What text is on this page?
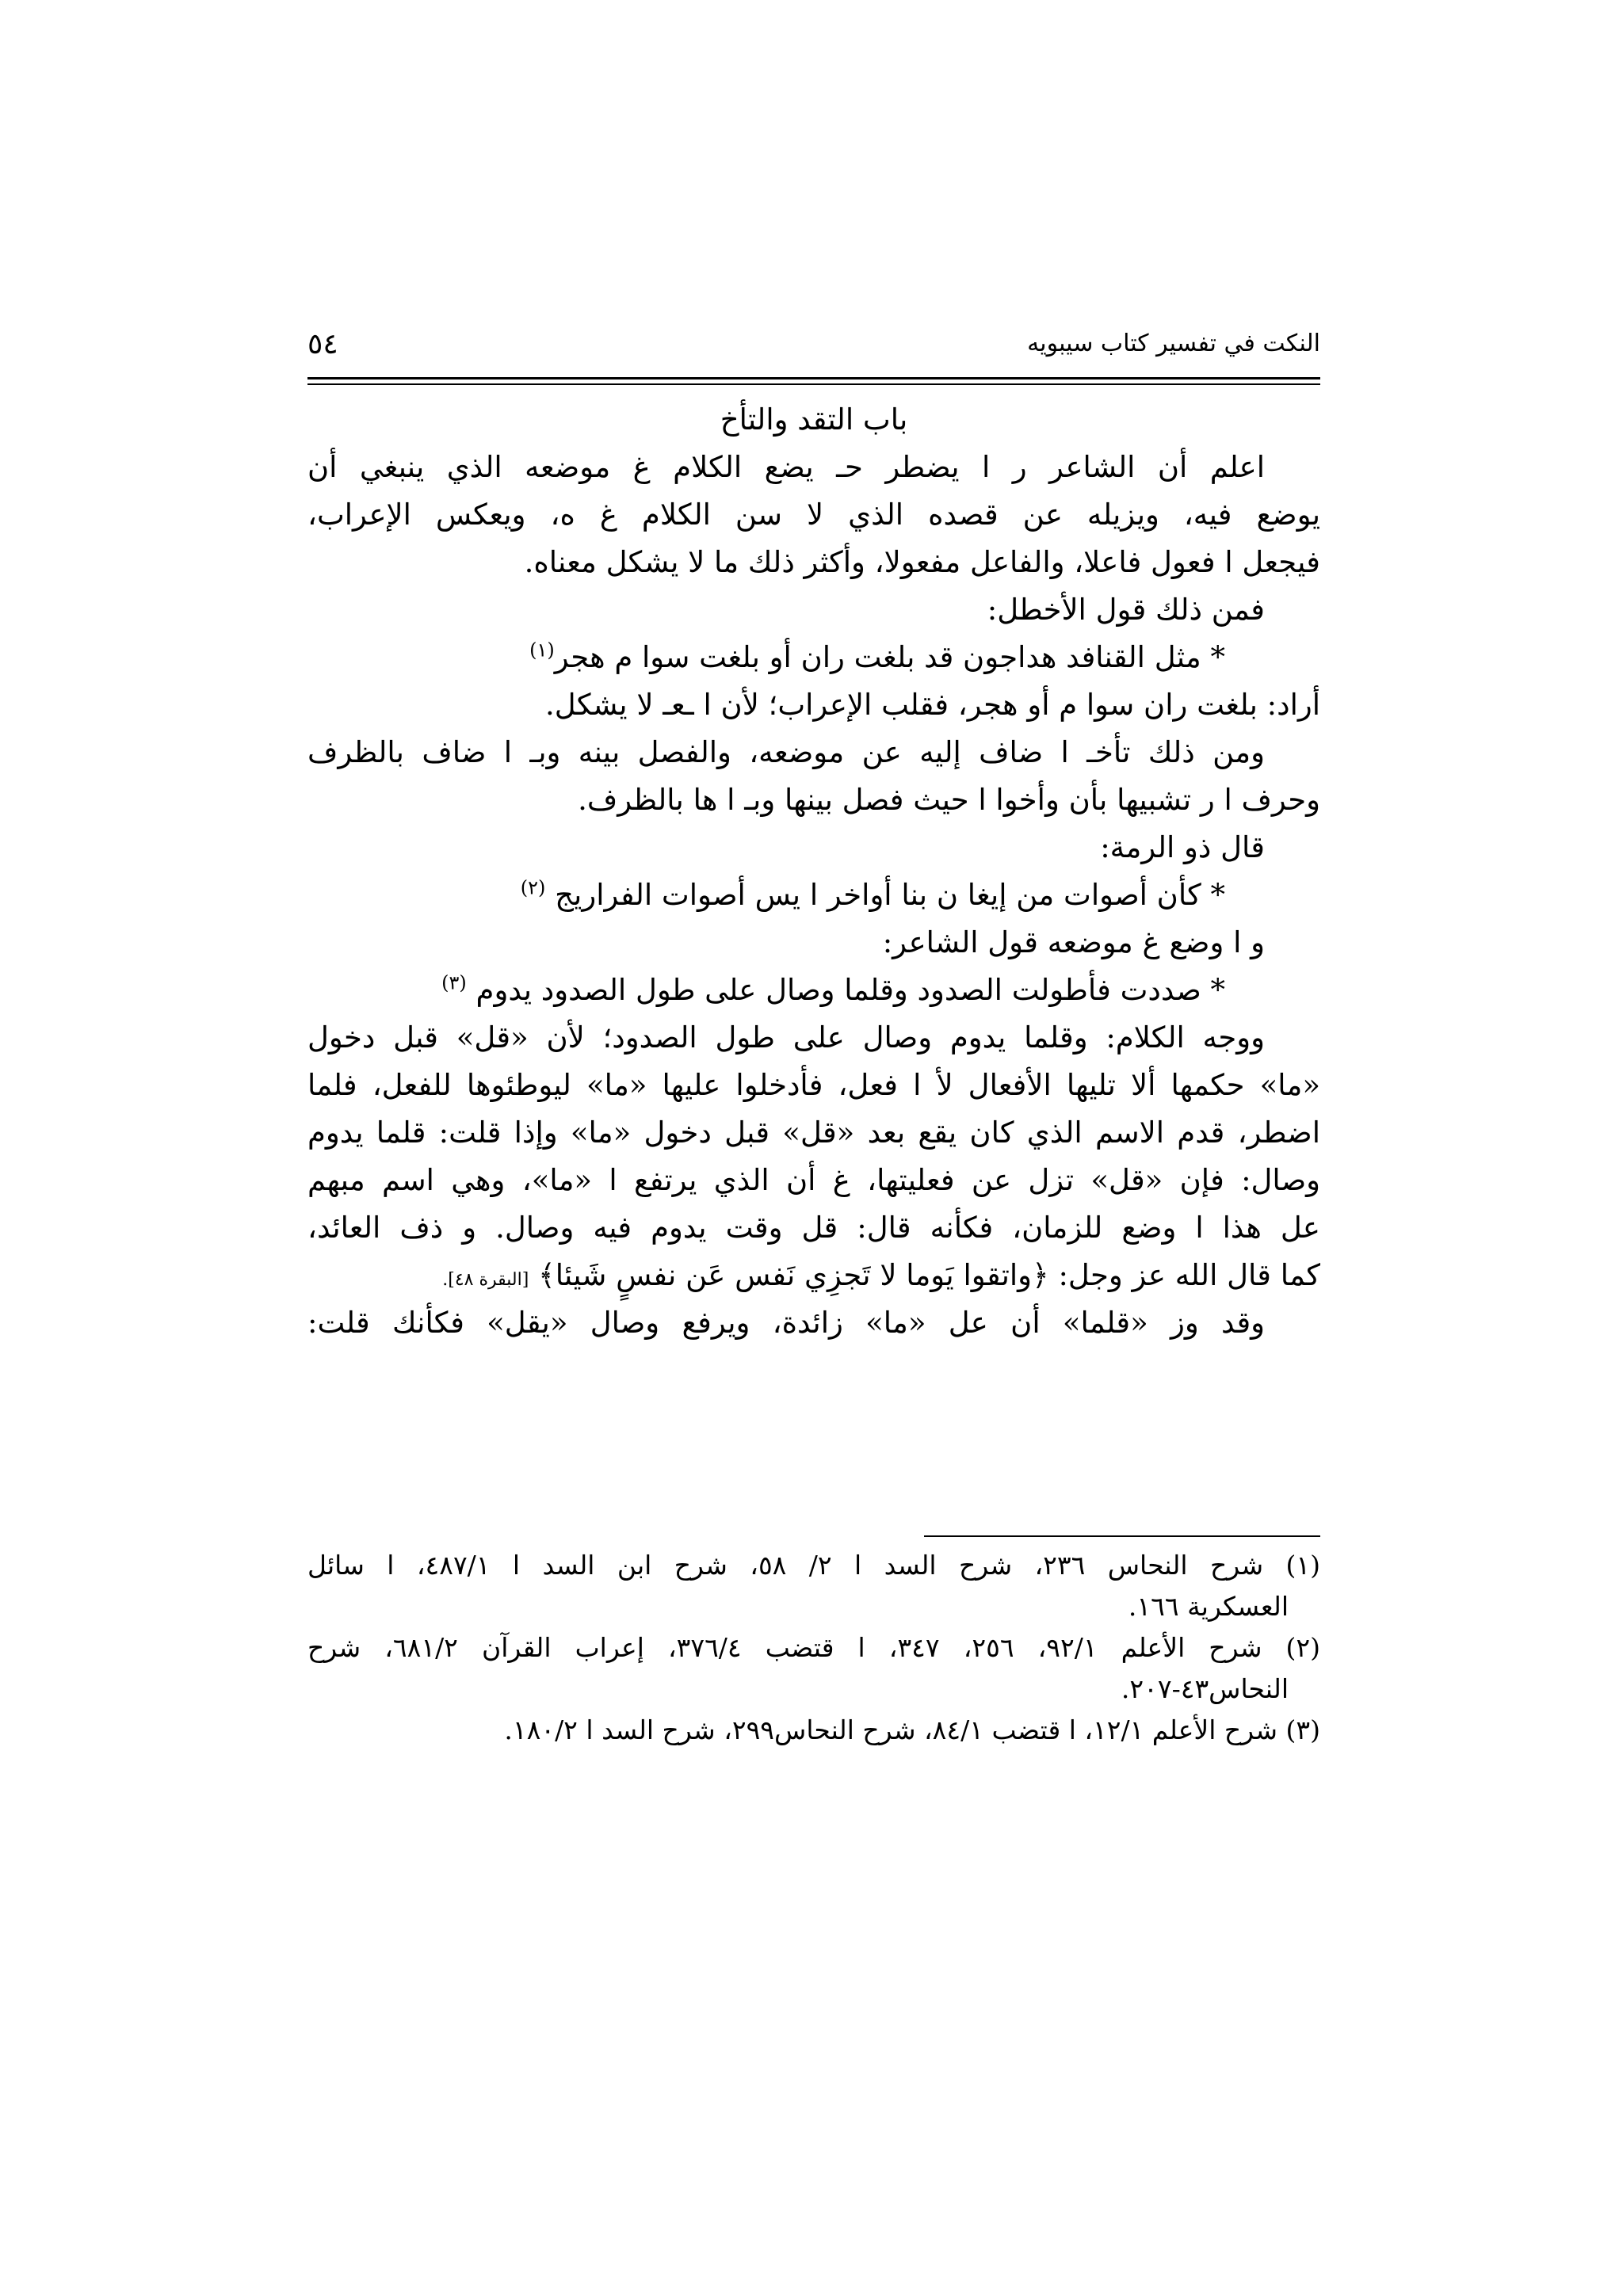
النكت في تفسير كتاب سيبويه
٥٤
باب التقد والتأخ
اعلم أن الشاعر ر ا يضطر حـ يضع الكلام غ موضعه الذي ينبغي أن
يوضع فيه، ويزيله عن قصده الذي لا سن الكلام غ ه، ويعكس الإعراب،
فيجعل ا فعول فاعلا، والفاعل مفعولا، وأكثر ذلك ما لا يشكل معناه.
فمن ذلك قول الأخطل:
* مثل القنافد هداجون قد بلغت ران أو بلغت سوا م هجر$^{(١)}$
أراد: بلغت ران سوا م أو هجر، فقلب الإعراب؛ لأن ا ـعـ لا يشكل.
ومن ذلك تأخـ ا ضاف إليه عن موضعه، والفصل بينه وبـ ا ضاف بالظرف
وحرف ا ر تشبيها بأن وأخوا ا حيث فصل بينها وبـ ا ها بالظرف.
قال ذو الرمة:
* كأن أصوات من إيغا ن بنا أواخر ا يس أصوات الفراريج $^{(٢)}$
و ا وضع غ موضعه قول الشاعر:
* صددت فأطولت الصدود وقلما وصال على طول الصدود يدوم $^{(٣)}$
ووجه الكلام: وقلما يدوم وصال على طول الصدود؛ لأن «قل» قبل دخول
«ما» حكمها ألا تليها الأفعال لأ ا فعل، فأدخلوا عليها «ما» ليوطئوها للفعل، فلما
اضطر، قدم الاسم الذي كان يقع بعد «قل» قبل دخول «ما» وإذا قلت: قلما يدوم
وصال: فإن «قل» تزل عن فعليتها، غ أن الذي يرتفع ا «ما»، وهي اسم مبهم
عل هذا ا وضع للزمان، فكأنه قال: قل وقت يدوم فيه وصال. و ذف العائد،
كما قال الله عز وجل: ﴿واتقوا يَوما لا تَجزِي نَفس عَن نفسٍ شَيئا﴾ [البقرة ٤٨].
وقد وز «قلما» أن عل «ما» زائدة، ويرفع وصال «يقل» فكأنك قلت:
(١) شرح النحاس ٢٣٦، شرح السد ا ٢/ ٥٨، شرح ابن السد ا ٤٨٧/١، ا سائل
العسكرية ١٦٦.
(٢) شرح الأعلم ٩٢/١، ٢٥٦، ٣٤٧، ا قتضب ٣٧٦/٤، إعراب القرآن ٦٨١/٢، شرح
النحاس٤٣-٢٠٧.
(٣) شرح الأعلم ١٢/١، ا قتضب ٨٤/١، شرح النحاس٢٩٩، شرح السد ا ١٨٠/٢.
